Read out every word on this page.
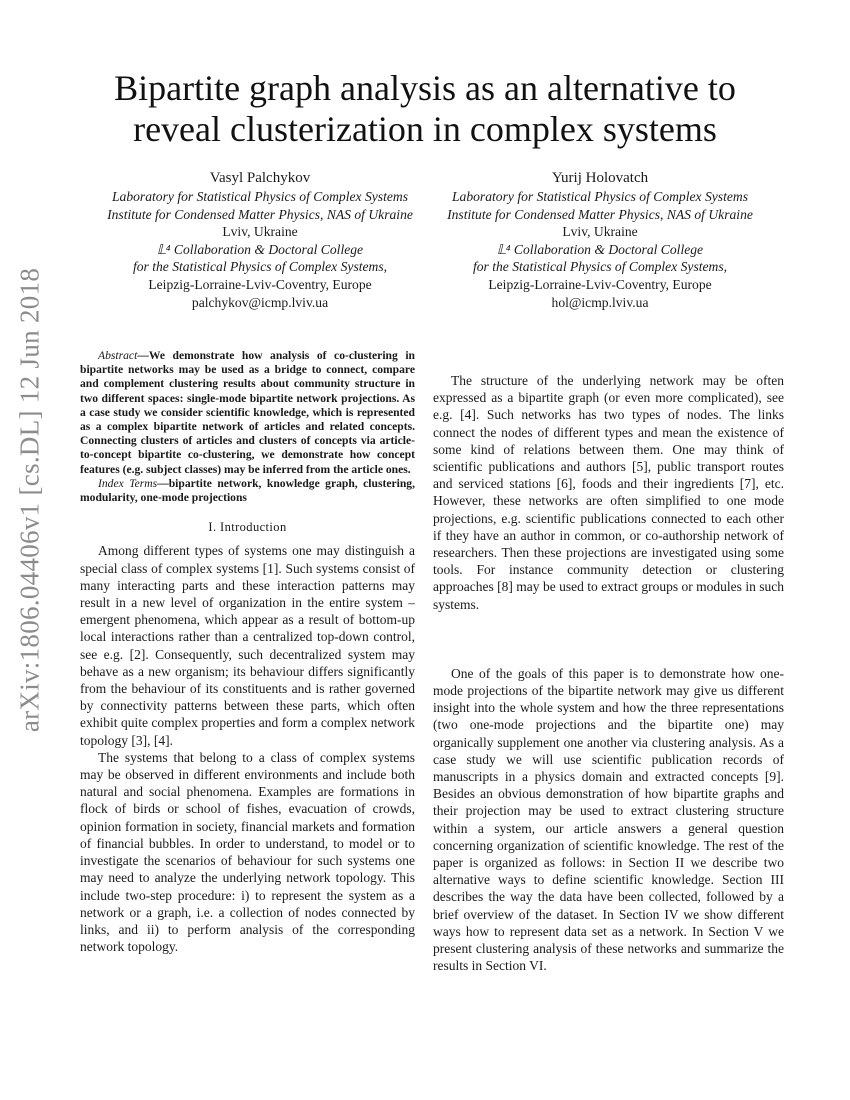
arXiv:1806.04406v1 [cs.DL] 12 Jun 2018
Bipartite graph analysis as an alternative to
reveal clusterization in complex systems
Vasyl Palchykov
Laboratory for Statistical Physics of Complex Systems
Institute for Condensed Matter Physics, NAS of Ukraine
Lviv, Ukraine
𝕃⁴ Collaboration & Doctoral College
for the Statistical Physics of Complex Systems,
Leipzig-Lorraine-Lviv-Coventry, Europe
palchykov@icmp.lviv.ua
Yurij Holovatch
Laboratory for Statistical Physics of Complex Systems
Institute for Condensed Matter Physics, NAS of Ukraine
Lviv, Ukraine
𝕃⁴ Collaboration & Doctoral College
for the Statistical Physics of Complex Systems,
Leipzig-Lorraine-Lviv-Coventry, Europe
hol@icmp.lviv.ua

Abstract—We demonstrate how analysis of co-clustering in bipartite networks may be used as a bridge to connect, compare and complement clustering results about community structure in two different spaces: single-mode bipartite network projections. As a case study we consider scientific knowledge, which is represented as a complex bipartite network of articles and related concepts. Connecting clusters of articles and clusters of concepts via article-to-concept bipartite co-clustering, we demonstrate how concept features (e.g. subject classes) may be inferred from the article ones.

Index Terms—bipartite network, knowledge graph, clustering, modularity, one-mode projections

I. Introduction

Among different types of systems one may distinguish a special class of complex systems [1]. Such systems consist of many interacting parts and these interaction patterns may result in a new level of organization in the entire system – emergent phenomena, which appear as a result of bottom-up local interactions rather than a centralized top-down control, see e.g. [2]. Consequently, such decentralized system may behave as a new organism; its behaviour differs significantly from the behaviour of its constituents and is rather governed by connectivity patterns between these parts, which often exhibit quite complex properties and form a complex network topology [3], [4].

The systems that belong to a class of complex systems may be observed in different environments and include both natural and social phenomena. Examples are formations in flock of birds or school of fishes, evacuation of crowds, opinion formation in society, financial markets and formation of financial bubbles. In order to understand, to model or to investigate the scenarios of behaviour for such systems one may need to analyze the underlying network topology. This include two-step procedure: i) to represent the system as a network or a graph, i.e. a collection of nodes connected by links, and ii) to perform analysis of the corresponding network topology.

The structure of the underlying network may be often expressed as a bipartite graph (or even more complicated), see e.g. [4]. Such networks has two types of nodes. The links connect the nodes of different types and mean the existence of some kind of relations between them. One may think of scientific publications and authors [5], public transport routes and serviced stations [6], foods and their ingredients [7], etc. However, these networks are often simplified to one mode projections, e.g. scientific publications connected to each other if they have an author in common, or co-authorship network of researchers. Then these projections are investigated using some tools. For instance community detection or clustering approaches [8] may be used to extract groups or modules in such systems.

One of the goals of this paper is to demonstrate how one-mode projections of the bipartite network may give us different insight into the whole system and how the three representations (two one-mode projections and the bipartite one) may organically supplement one another via clustering analysis. As a case study we will use scientific publication records of manuscripts in a physics domain and extracted concepts [9]. Besides an obvious demonstration of how bipartite graphs and their projection may be used to extract clustering structure within a system, our article answers a general question concerning organization of scientific knowledge. The rest of the paper is organized as follows: in Section II we describe two alternative ways to define scientific knowledge. Section III describes the way the data have been collected, followed by a brief overview of the dataset. In Section IV we show different ways how to represent data set as a network. In Section V we present clustering analysis of these networks and summarize the results in Section VI.
